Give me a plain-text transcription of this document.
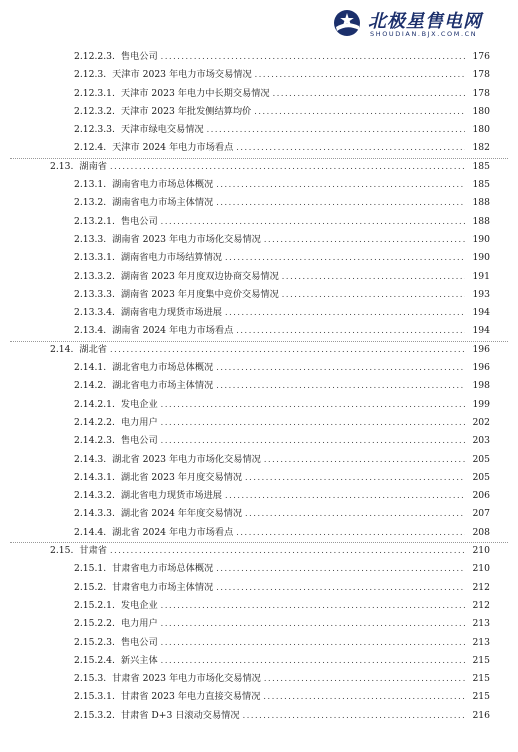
北极星售电网
SHOUDIAN.BJX.COM.CN
2.12.2.3. 售电公司 .....	176
2.12.3. 天津市 2023 年电力市场交易情况 .....	178
2.12.3.1. 天津市 2023 年电力中长期交易情况 .....	178
2.12.3.2. 天津市 2023 年批发侧结算均价 .....	180
2.12.3.3. 天津市绿电交易情况 .....	180
2.12.4. 天津市 2024 年电力市场看点 .....	182
2.13. 湖南省 .....	185
2.13.1. 湖南省电力市场总体概况 .....	185
2.13.2. 湖南省电力市场主体情况 .....	188
2.13.2.1. 售电公司 .....	188
2.13.3. 湖南省 2023 年电力市场化交易情况 .....	190
2.13.3.1. 湖南省电力市场结算情况 .....	190
2.13.3.2. 湖南省 2023 年月度双边协商交易情况 .....	191
2.13.3.3. 湖南省 2023 年月度集中竞价交易情况 .....	193
2.13.3.4. 湖南省电力现货市场进展 .....	194
2.13.4. 湖南省 2024 年电力市场看点 .....	194
2.14. 湖北省 .....	196
2.14.1. 湖北省电力市场总体概况 .....	196
2.14.2. 湖北省电力市场主体情况 .....	198
2.14.2.1. 发电企业 .....	199
2.14.2.2. 电力用户 .....	202
2.14.2.3. 售电公司 .....	203
2.14.3. 湖北省 2023 年电力市场化交易情况 .....	205
2.14.3.1. 湖北省 2023 年月度交易情况 .....	205
2.14.3.2. 湖北省电力现货市场进展 .....	206
2.14.3.3. 湖北省 2024 年年度交易情况 .....	207
2.14.4. 湖北省 2024 年电力市场看点 .....	208
2.15. 甘肃省 .....	210
2.15.1. 甘肃省电力市场总体概况 .....	210
2.15.2. 甘肃省电力市场主体情况 .....	212
2.15.2.1. 发电企业 .....	212
2.15.2.2. 电力用户 .....	213
2.15.2.3. 售电公司 .....	213
2.15.2.4. 新兴主体 .....	215
2.15.3. 甘肃省 2023 年电力市场化交易情况 .....	215
2.15.3.1. 甘肃省 2023 年电力直接交易情况 .....	215
2.15.3.2. 甘肃省 D+3 日滚动交易情况 .....	216
